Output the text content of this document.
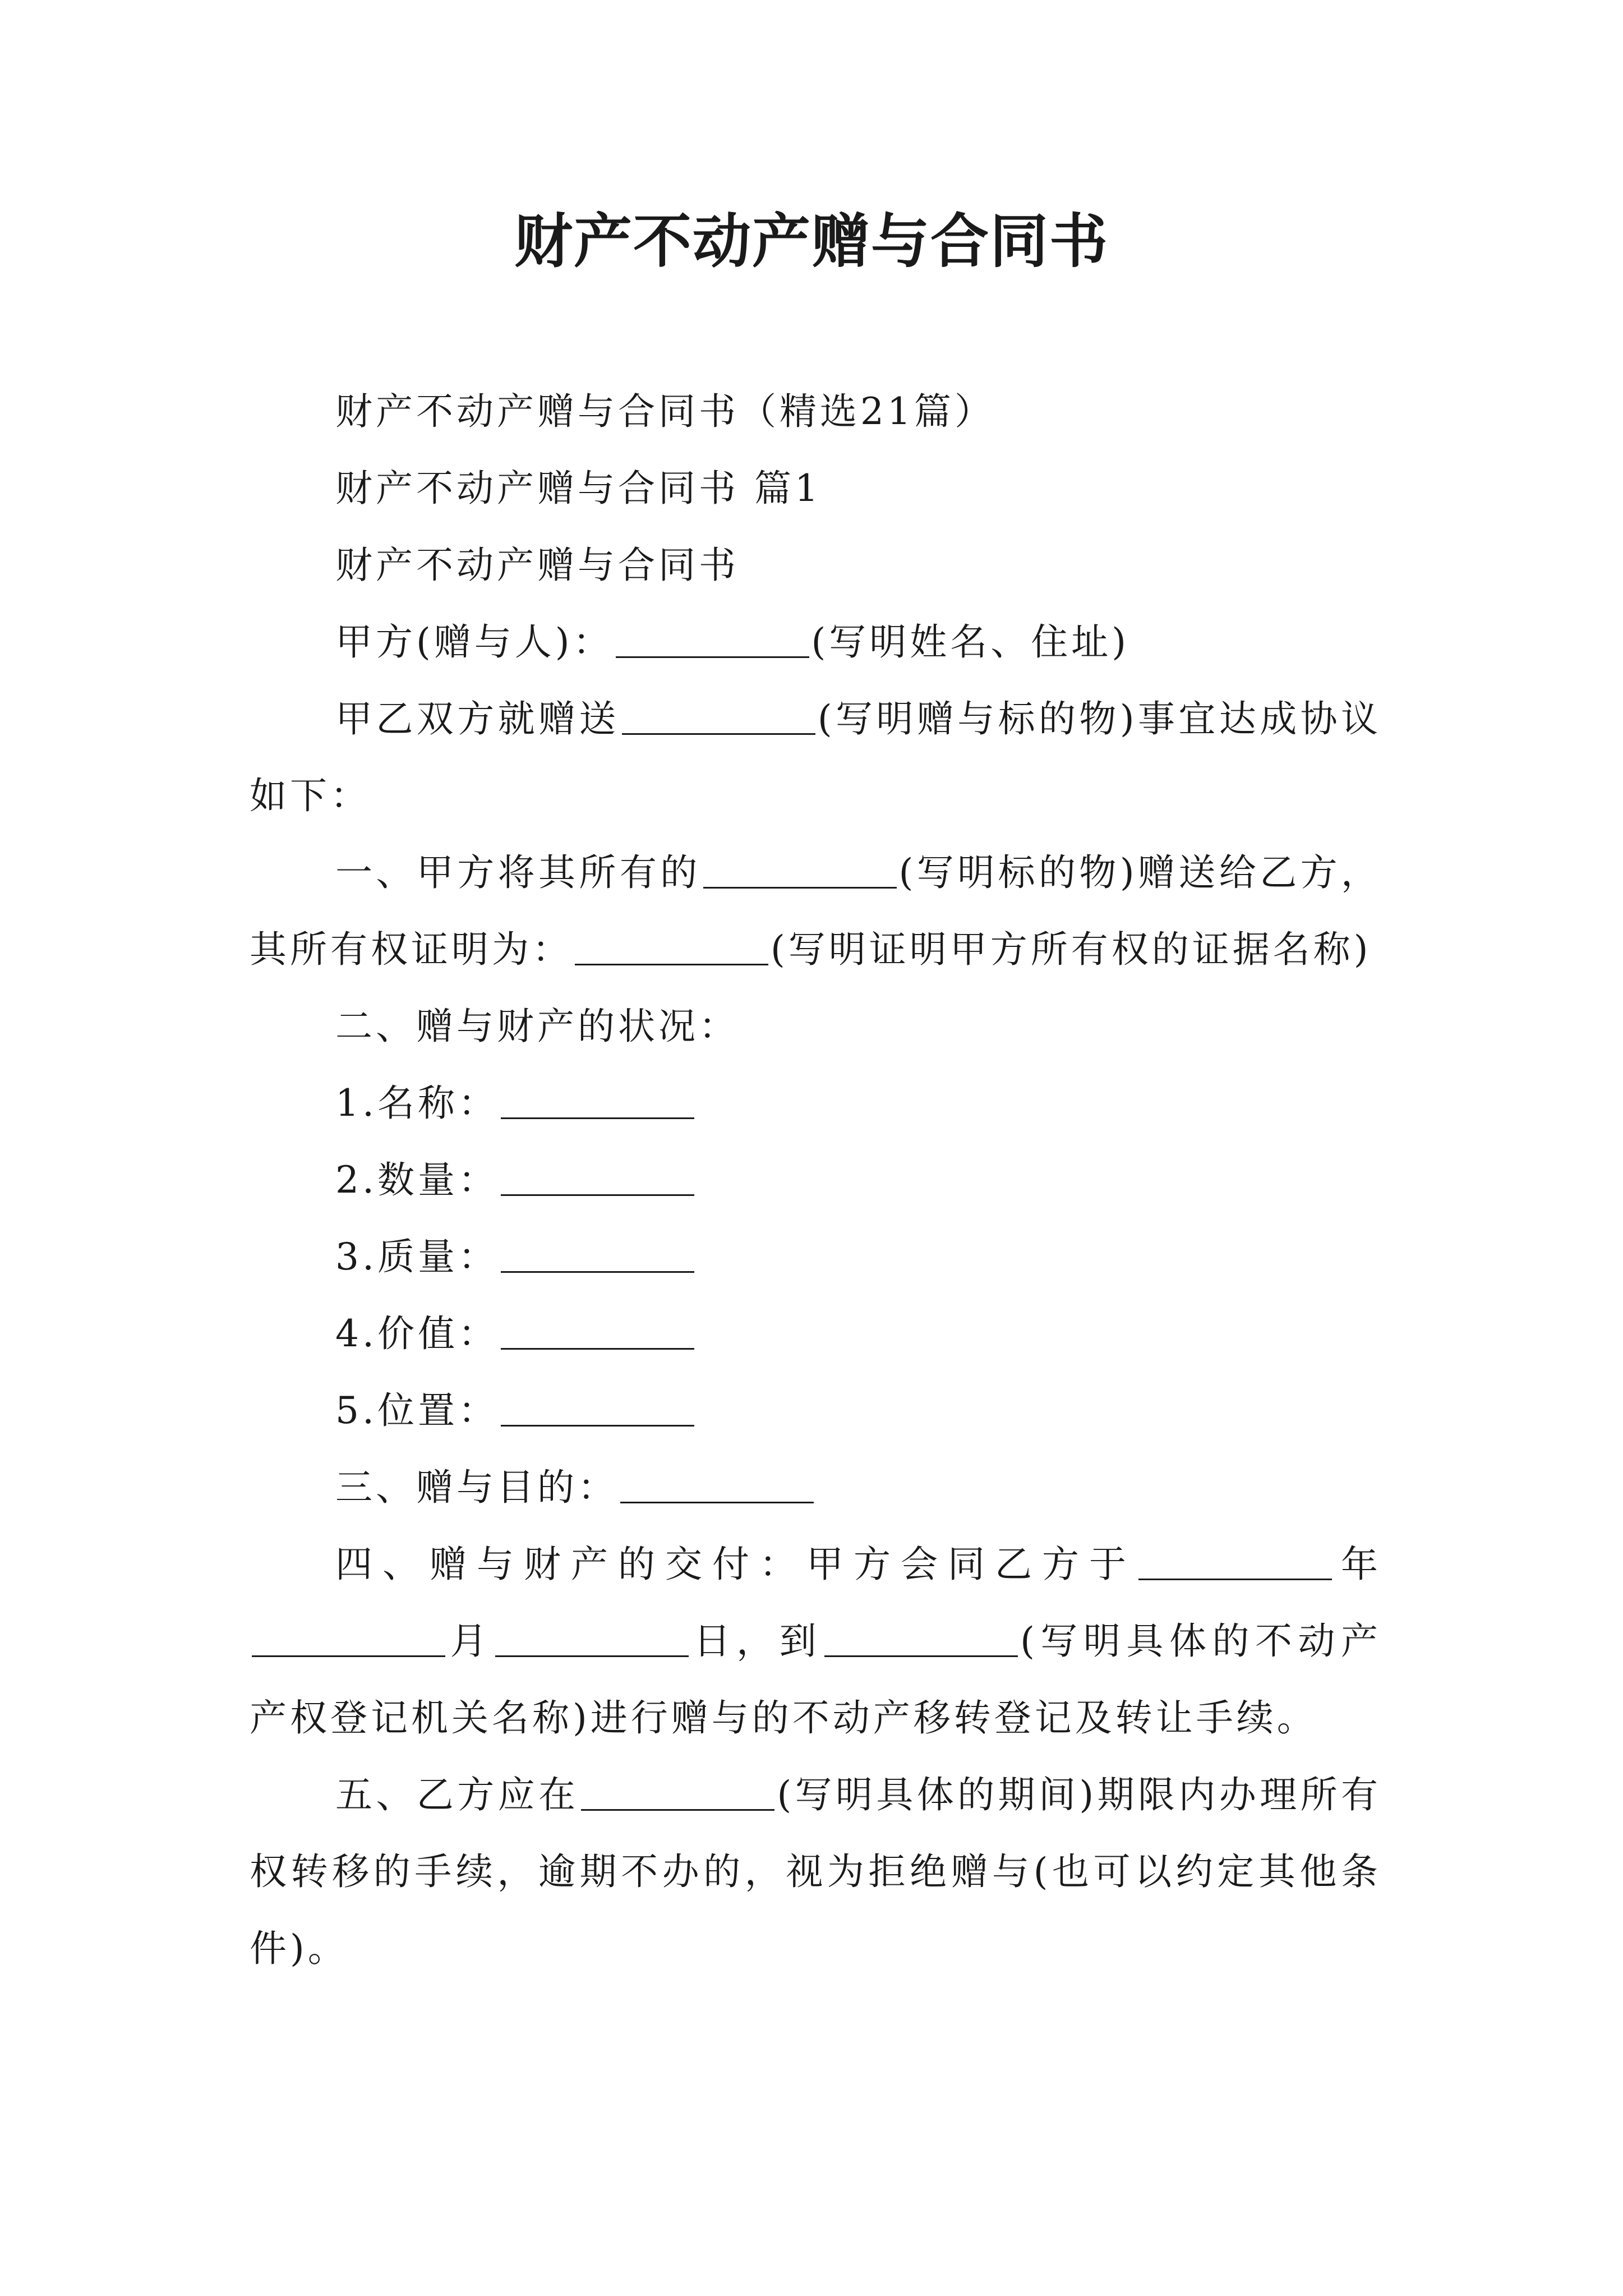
财产不动产赠与合同书

财产不动产赠与合同书（精选21篇）

财产不动产赠与合同书 篇1

财产不动产赠与合同书

甲方(赠与人)：	(写明姓名、住址)

甲乙双方就赠送	(写明赠与标的物)事宜达成协议如下：

一、甲方将其所有的	(写明标的物)赠送给乙方，其所有权证明为：	(写明证明甲方所有权的证据名称)

二、赠与财产的状况：

1.名称：

2.数量：

3.质量：

4.价值：

5.位置：

三、赠与目的：

四、赠与财产的交付：甲方会同乙方于	年月	日，到	(写明具体的不动产产权登记机关名称)进行赠与的不动产移转登记及转让手续。

五、乙方应在	(写明具体的期间)期限内办理所有权转移的手续，逾期不办的，视为拒绝赠与(也可以约定其他条件)。
